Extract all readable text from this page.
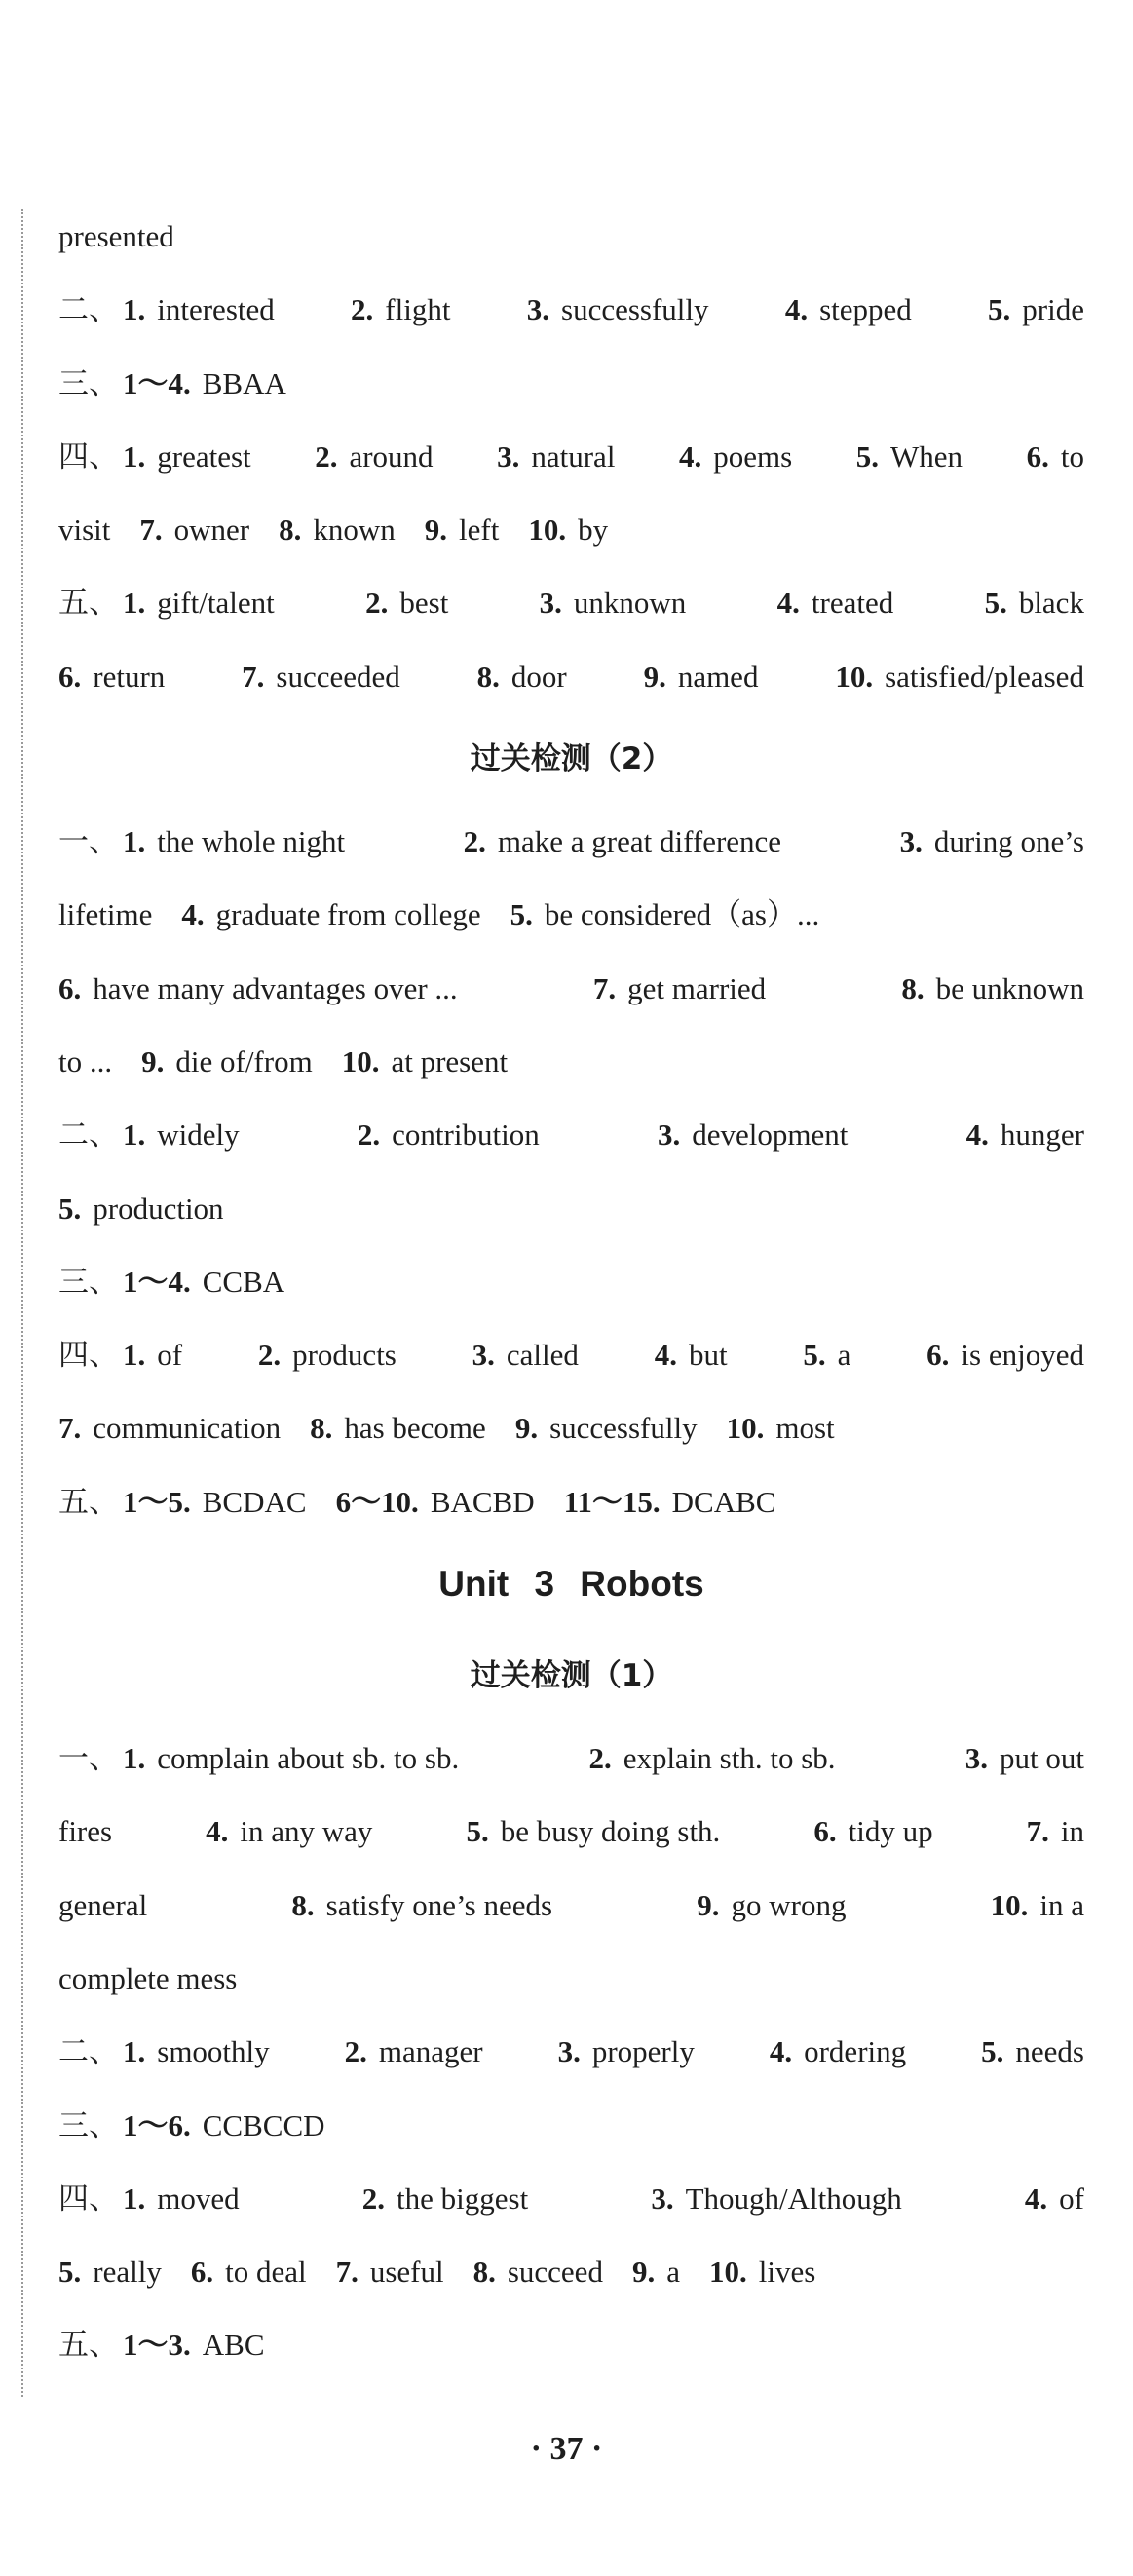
presented
二、 1. interested	2. flight	3. successfully	4. stepped	5. pride
三、 1～4. BBAA
四、 1. greatest 2. around 3. natural 4. poems 5. When 6. to
visit 7. owner 8. known 9. left 10. by
五、 1. gift/talent	2. best	3. unknown	4. treated	5. black
6. return	7. succeeded	8. door	9. named	10. satisfied/pleased
过关检测（2）
一、 1. the whole night	2. make a great difference	3. during one’s
lifetime 4. graduate from college 5. be considered（as）...
6. have many advantages over ...	7. get married	8. be unknown
to ... 9. die of/from 10. at present
二、 1. widely	2. contribution	3. development	4. hunger
5. production
三、 1～4. CCBA
四、 1. of	2. products	3. called	4. but	5. a	6. is enjoyed
7. communication 8. has become 9. successfully 10. most
五、 1～5. BCDAC 6～10. BACBD 11～15. DCABC
Unit 3 Robots
过关检测（1）
一、 1. complain about sb. to sb.	2. explain sth. to sb.	3. put out
fires	4. in any way	5. be busy doing sth.	6. tidy up	7. in
general	8. satisfy one’s needs	9. go wrong	10. in a
complete mess
二、 1. smoothly 2. manager 3. properly 4. ordering 5. needs
三、 1～6. CCBCCD
四、 1. moved	2. the biggest	3. Though/Although	4. of
5. really 6. to deal 7. useful 8. succeed 9. a 10. lives
五、 1～3. ABC
· 37 ·
